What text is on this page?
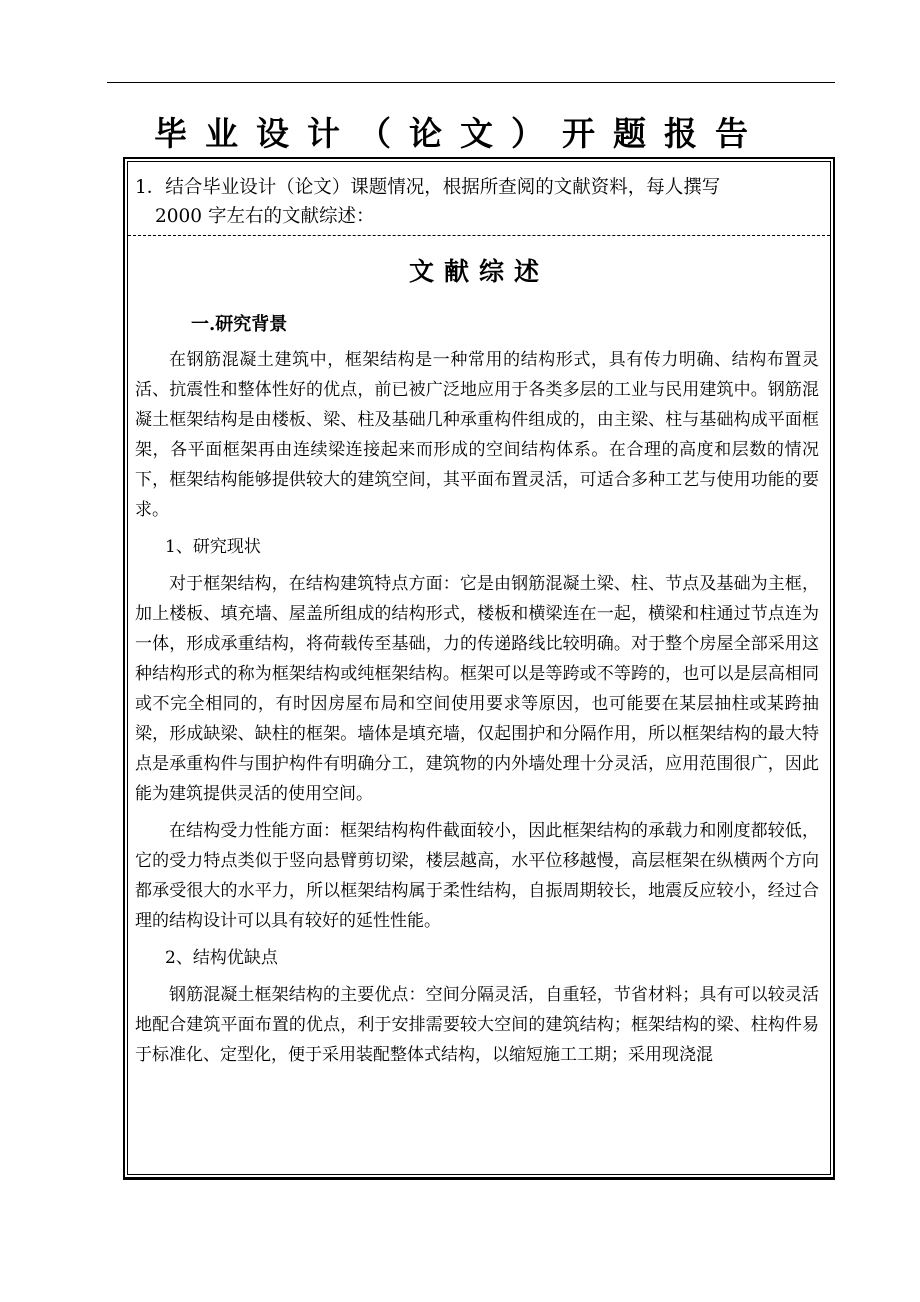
毕业设计（论文）开题报告

1．结合毕业设计（论文）课题情况，根据所查阅的文献资料，每人撰写
2000 字左右的文献综述：

文献综述

一.研究背景

在钢筋混凝土建筑中，框架结构是一种常用的结构形式，具有传力明确、结构布置灵活、抗震性和整体性好的优点，前已被广泛地应用于各类多层的工业与民用建筑中。钢筋混凝土框架结构是由楼板、梁、柱及基础几种承重构件组成的，由主梁、柱与基础构成平面框架，各平面框架再由连续梁连接起来而形成的空间结构体系。在合理的高度和层数的情况下，框架结构能够提供较大的建筑空间，其平面布置灵活，可适合多种工艺与使用功能的要求。

1、研究现状

对于框架结构，在结构建筑特点方面：它是由钢筋混凝土梁、柱、节点及基础为主框，加上楼板、填充墙、屋盖所组成的结构形式，楼板和横梁连在一起，横梁和柱通过节点连为一体，形成承重结构，将荷载传至基础，力的传递路线比较明确。对于整个房屋全部采用这种结构形式的称为框架结构或纯框架结构。框架可以是等跨或不等跨的，也可以是层高相同或不完全相同的，有时因房屋布局和空间使用要求等原因，也可能要在某层抽柱或某跨抽梁，形成缺梁、缺柱的框架。墙体是填充墙，仅起围护和分隔作用，所以框架结构的最大特点是承重构件与围护构件有明确分工，建筑物的内外墙处理十分灵活，应用范围很广，因此能为建筑提供灵活的使用空间。

在结构受力性能方面：框架结构构件截面较小，因此框架结构的承载力和刚度都较低，它的受力特点类似于竖向悬臂剪切梁，楼层越高，水平位移越慢，高层框架在纵横两个方向都承受很大的水平力，所以框架结构属于柔性结构，自振周期较长，地震反应较小，经过合理的结构设计可以具有较好的延性性能。

2、结构优缺点

钢筋混凝土框架结构的主要优点：空间分隔灵活，自重轻，节省材料；具有可以较灵活地配合建筑平面布置的优点，利于安排需要较大空间的建筑结构；框架结构的梁、柱构件易于标准化、定型化，便于采用装配整体式结构，以缩短施工工期；采用现浇混
